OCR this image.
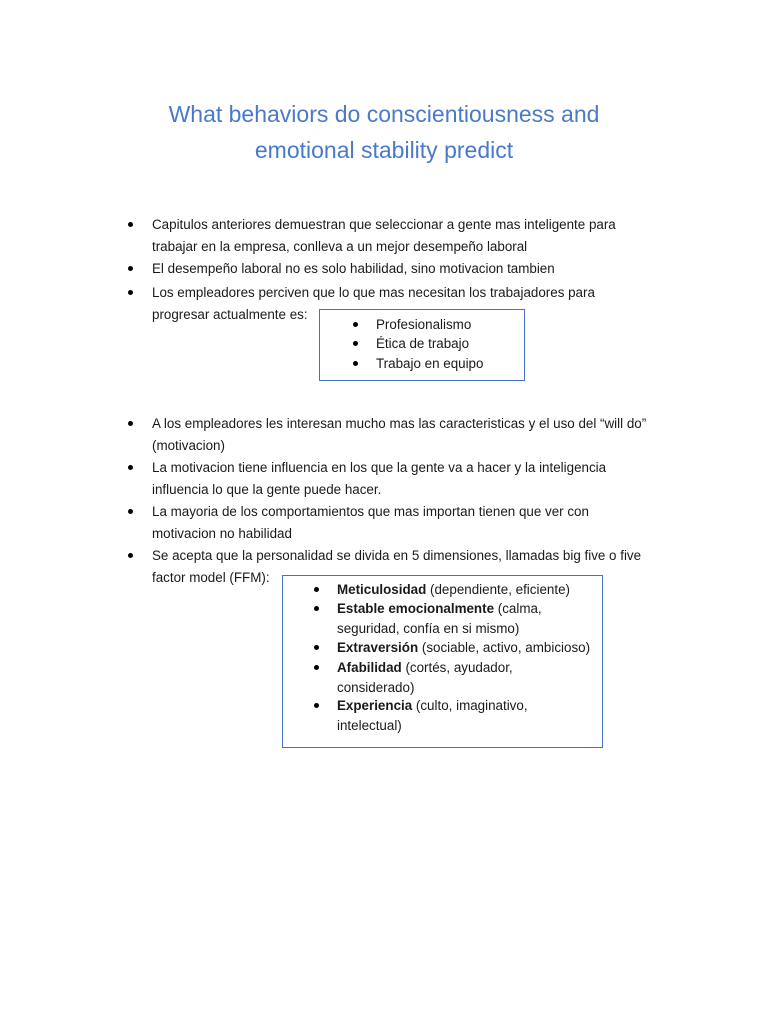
What behaviors do conscientiousness and
emotional stability predict
Capitulos anteriores demuestran que seleccionar a gente mas inteligente para
trabajar en la empresa, conlleva a un mejor desempeño laboral
El desempeño laboral no es solo habilidad, sino motivacion tambien
Los empleadores perciven que lo que mas necesitan los trabajadores para
progresar actualmente es:
Profesionalismo
Ética de trabajo
Trabajo en equipo
A los empleadores les interesan mucho mas las caracteristicas y el uso del “will do”
(motivacion)
La motivacion tiene influencia en los que la gente va a hacer y la inteligencia
influencia lo que la gente puede hacer.
La mayoria de los comportamientos que mas importan tienen que ver con
motivacion no habilidad
Se acepta que la personalidad se divida en 5 dimensiones, llamadas big five o five
factor model (FFM):
Meticulosidad (dependiente, eficiente)
Estable emocionalmente (calma,
seguridad, confía en si mismo)
Extraversión (sociable, activo, ambicioso)
Afabilidad (cortés, ayudador,
considerado)
Experiencia (culto, imaginativo,
intelectual)
